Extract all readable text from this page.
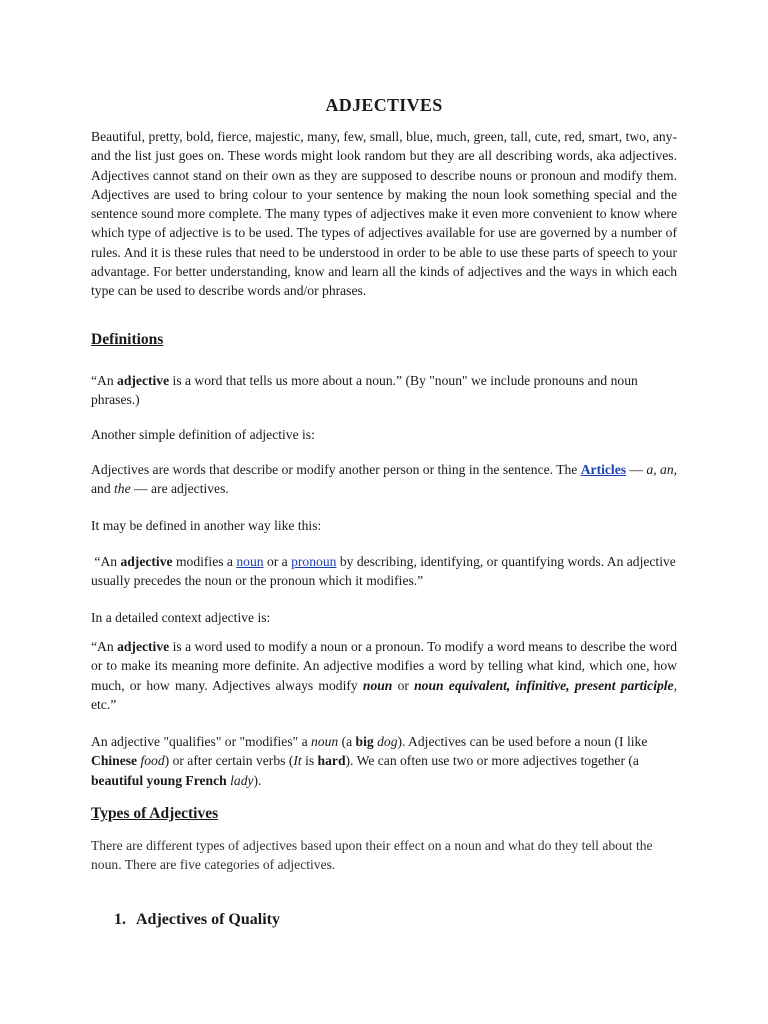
ADJECTIVES

Beautiful, pretty, bold, fierce, majestic, many, few, small, blue, much, green, tall, cute, red, smart, two, any-and the list just goes on. These words might look random but they are all describing words, aka adjectives. Adjectives cannot stand on their own as they are supposed to describe nouns or pronoun and modify them. Adjectives are used to bring colour to your sentence by making the noun look something special and the sentence sound more complete. The many types of adjectives make it even more convenient to know where which type of adjective is to be used. The types of adjectives available for use are governed by a number of rules. And it is these rules that need to be understood in order to be able to use these parts of speech to your advantage. For better understanding, know and learn all the kinds of adjectives and the ways in which each type can be used to describe words and/or phrases.

Definitions

“An adjective is a word that tells us more about a noun.” (By "noun" we include pronouns and noun phrases.)

Another simple definition of adjective is:

Adjectives are words that describe or modify another person or thing in the sentence. The Articles — a, an, and the — are adjectives.

It may be defined in another way like this:

“An adjective modifies a noun or a pronoun by describing, identifying, or quantifying words. An adjective usually precedes the noun or the pronoun which it modifies.”

In a detailed context adjective is:

“An adjective is a word used to modify a noun or a pronoun. To modify a word means to describe the word or to make its meaning more definite. An adjective modifies a word by telling what kind, which one, how much, or how many. Adjectives always modify noun or noun equivalent, infinitive, present participle, etc.”

An adjective "qualifies" or "modifies" a noun (a big dog). Adjectives can be used before a noun (I like Chinese food) or after certain verbs (It is hard). We can often use two or more adjectives together (a beautiful young French lady).

Types of Adjectives

There are different types of adjectives based upon their effect on a noun and what do they tell about the noun. There are five categories of adjectives.

1. Adjectives of Quality
